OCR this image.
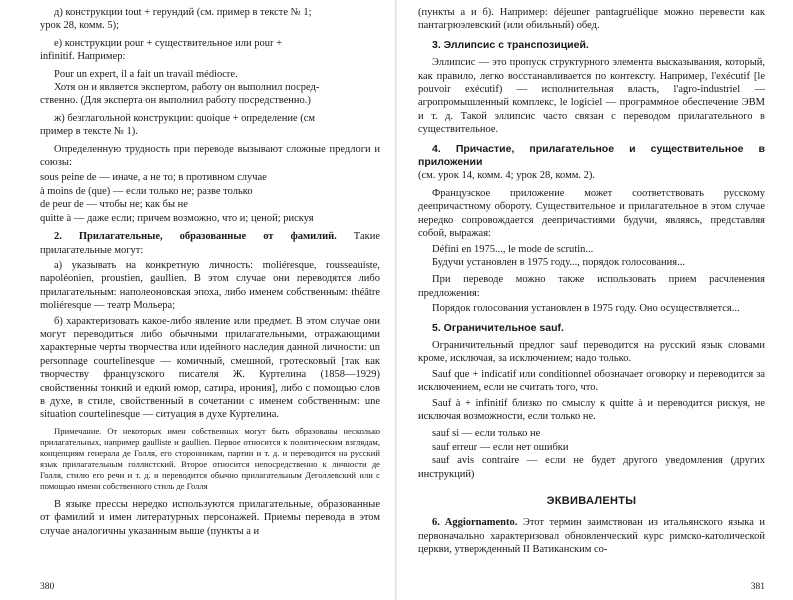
д) конструкции tout + герундий (см. пример в тексте № 1;

урок 28, комм. 5);

е) конструкции pour + существительное или pour +

infinitif. Например:

Pour un expert, il a fait un travail médiocre.

Хотя он и является экспертом, работу он выполнил посред-

ственно. (Для эксперта он выполнил работу посредственно.)

ж) безглагольной конструкции: quoique + определение (см

пример в тексте № 1).

Определенную трудность при переводе вызывают сложные предлоги и союзы:

sous peine de — иначе, а не то; в противном случае

à moins de (que) — если только не; разве только

de peur de — чтобы не; как бы не

quitte à — даже если; причем возможно, что и; ценой; рискуя

2. Прилагательные, образованные от фамилий. Такие прилагательные могут:

а) указывать на конкретную личность: moliéresque, rousseauiste, napoléonien, proustien, gaullien. В этом случае они переводятся либо прилагательным: наполеоновская эпоха, либо именем собственным: théâtre moliéresque — театр Мольера;

б) характеризовать какое-либо явление или предмет. В этом случае они могут переводиться либо обычными прилагательными, отражающими характерные черты творчества или идейного наследия данной личности: un personnage courtelinesque — комичный, смешной, гротесковый [так как творчеству французского писателя Ж. Куртелина (1858—1929) свойственны тонкий и едкий юмор, сатира, ирония], либо с помощью слов в духе, в стиле, свойственный в сочетании с именем собственным: une situation courtelinesque — ситуация в духе Куртелина.

Примечание. От некоторых имен собственных могут быть образованы несколько прилагательных, например gaulliste и gaullien. Первое относится к политическим взглядам, концепциям генерала де Голля, его сторонникам, партии и т. д. и переводится на русский язык прилагательным голлистский. Второе относится непосредственно к личности де Голля, стилю его речи и т. д. и переводится обычно прилагательным Деголлевский или с помощью имени собственного стиль де Голля

В языке прессы нередко используются прилагательные, образованные от фамилий и имен литературных персонажей. Приемы перевода в этом случае аналогичны указанным выше (пункты а и

380

(пункты а и б). Например: déjeuner pantagruélique можно перевести как пантагрюэлевский (или обильный) обед.

3. Эллипсис с транспозицией.

Эллипсис — это пропуск структурного элемента высказывания, который, как правило, легко восстанавливается по контексту. Например, l'exécutif [le pouvoir exécutif) — исполнительная власть, l'agro-industriel — агропромышленный комплекс, le logiciel — программное обеспечение ЭВМ и т. д. Такой эллипсис часто связан с переводом прилагательного в существительное.

4. Причастие, прилагательное и существительное в приложении

(см. урок 14, комм. 4; урок 28, комм. 2).

Французское приложение может соответствовать русскому деепричастному обороту. Существительное и прилагательное в этом случае нередко сопровождается деепричастиями будучи, являясь, представляя собой, выражая:

Défini en 1975..., le mode de scrutin...

Будучи установлен в 1975 году..., порядок голосования...

При переводе можно также использовать прием расчленения предложения:

Порядок голосования установлен в 1975 году. Оно осуществляется...

5. Ограничительное sauf.

Ограничительный предлог sauf переводится на русский язык словами кроме, исключая, за исключением; надо только.

Sauf que + indicatif или conditionnel обозначает оговорку и переводится за исключением, если не считать того, что.

Sauf à + infinitif близко по смыслу к quitte à и переводится рискуя, не исключая возможности, если только не.

sauf si — если только не

sauf erreur — если нет ошибки

sauf avis contraire — если не будет другого уведомления (других инструкций)

ЭКВИВАЛЕНТЫ

6. Aggiornamento. Этот термин заимствован из итальянского языка и первоначально характеризовал обновленческий курс римско-католической церкви, утвержденный II Ватиканским со-

381
